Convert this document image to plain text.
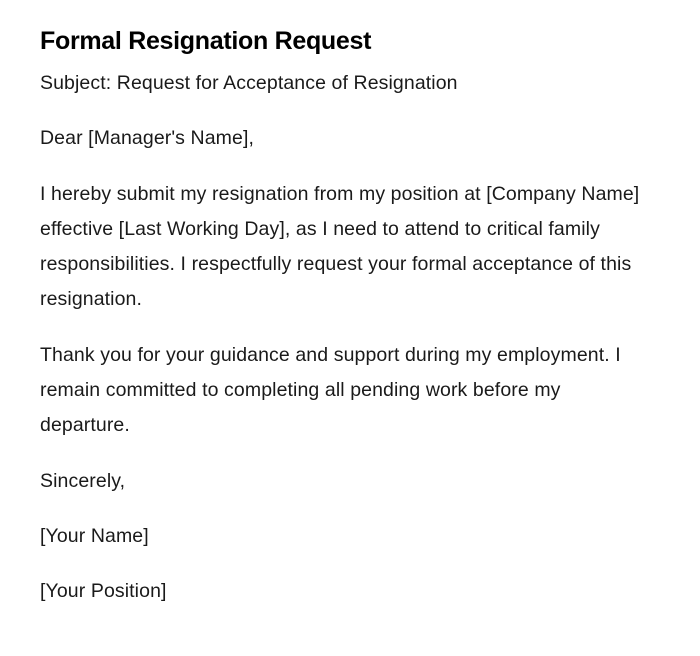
Formal Resignation Request

Subject: Request for Acceptance of Resignation

Dear [Manager's Name],

I hereby submit my resignation from my position at [Company Name] effective [Last Working Day], as I need to attend to critical family responsibilities. I respectfully request your formal acceptance of this resignation.

Thank you for your guidance and support during my employment. I remain committed to completing all pending work before my departure.

Sincerely,

[Your Name]

[Your Position]
